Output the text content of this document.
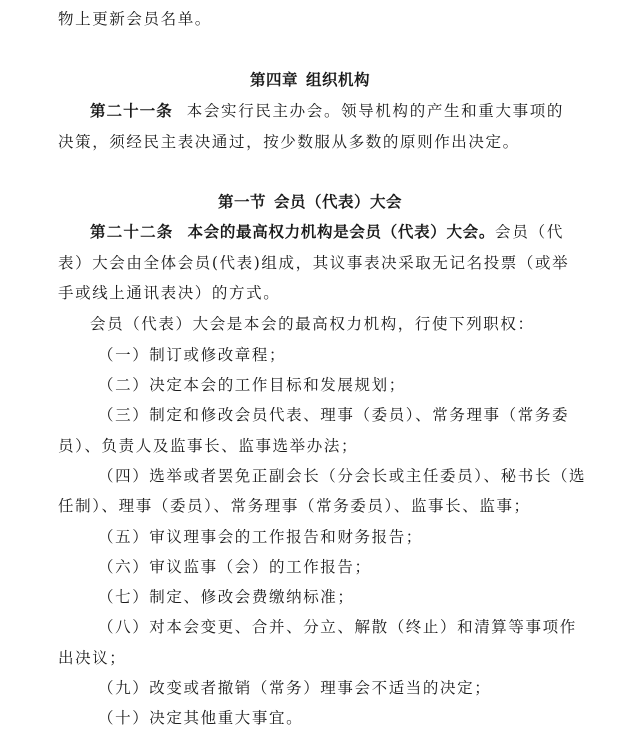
物上更新会员名单。
第四章 组织机构
第二十一条 本会实行民主办会。领导机构的产生和重大事项的
决策，须经民主表决通过，按少数服从多数的原则作出决定。
第一节 会员（代表）大会
第二十二条 本会的最高权力机构是会员（代表）大会。会员（代
表）大会由全体会员(代表)组成，其议事表决采取无记名投票（或举
手或线上通讯表决）的方式。
会员（代表）大会是本会的最高权力机构，行使下列职权：
（一）制订或修改章程；
（二）决定本会的工作目标和发展规划；
（三）制定和修改会员代表、理事（委员）、常务理事（常务委
员）、负责人及监事长、监事选举办法；
（四）选举或者罢免正副会长（分会长或主任委员）、秘书长（选
任制）、理事（委员）、常务理事（常务委员）、监事长、监事；
（五）审议理事会的工作报告和财务报告；
（六）审议监事（会）的工作报告；
（七）制定、修改会费缴纳标准；
（八）对本会变更、合并、分立、解散（终止）和清算等事项作
出决议；
（九）改变或者撤销（常务）理事会不适当的决定；
（十）决定其他重大事宜。
